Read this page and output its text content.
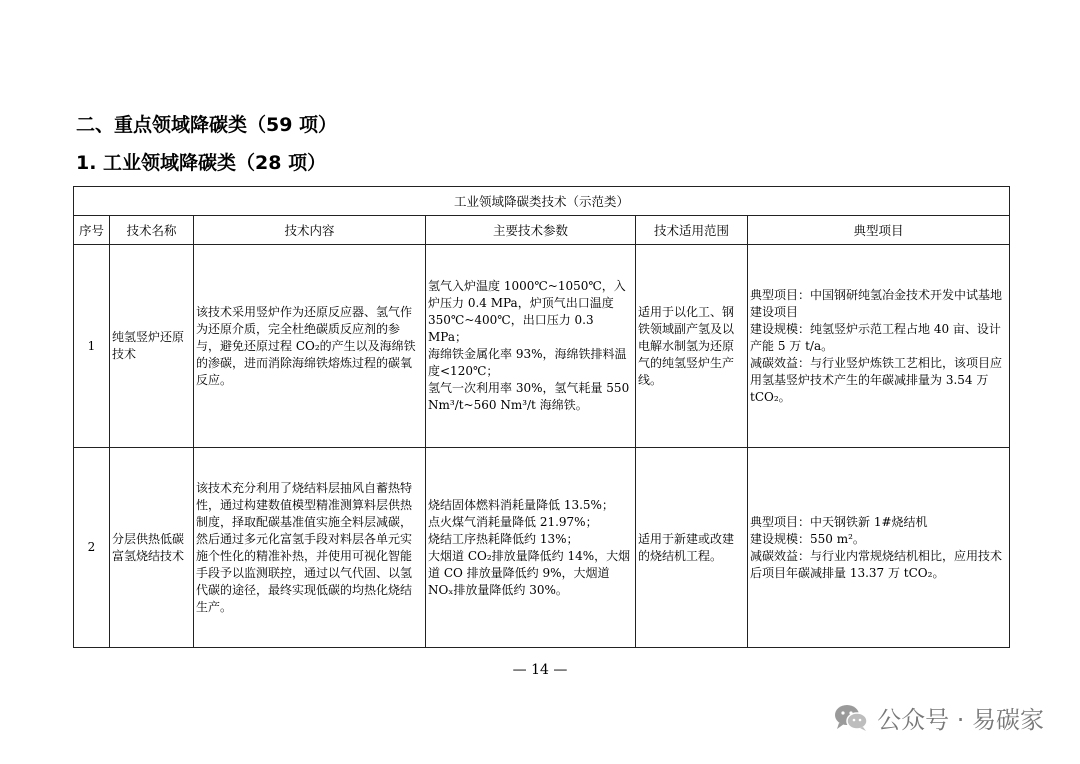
二、重点领域降碳类（59 项）
1. 工业领域降碳类（28 项）
工业领域降碳类技术（示范类）					
序号	技术名称	技术内容	主要技术参数	技术适用范围	典型项目
1	纯氢竖炉还原技术	该技术采用竖炉作为还原反应器、氢气作为还原介质，完全杜绝碳质反应剂的参与，避免还原过程 CO₂的产生以及海绵铁的渗碳，进而消除海绵铁熔炼过程的碳氧反应。	氢气入炉温度 1000℃~1050℃，入炉压力 0.4 MPa，炉顶气出口温度 350℃~400℃，出口压力 0.3 MPa；
海绵铁金属化率 93%，海绵铁排料温度<120℃；
氢气一次利用率 30%，氢气耗量 550 Nm³/t~560 Nm³/t 海绵铁。	适用于以化工、钢铁领域副产氢及以电解水制氢为还原气的纯氢竖炉生产线。	典型项目：中国钢研纯氢冶金技术开发中试基地建设项目
建设规模：纯氢竖炉示范工程占地 40 亩、设计产能 5 万 t/a。
减碳效益：与行业竖炉炼铁工艺相比，该项目应用氢基竖炉技术产生的年碳减排量为 3.54 万 tCO₂。

2	分层供热低碳富氢烧结技术	该技术充分利用了烧结料层抽风自蓄热特性，通过构建数值模型精准测算料层供热制度，择取配碳基准值实施全料层减碳，然后通过多元化富氢手段对料层各单元实施个性化的精准补热，并使用可视化智能手段予以监测联控，通过以气代固、以氢代碳的途径，最终实现低碳的均热化烧结生产。	烧结固体燃料消耗量降低 13.5%；
点火煤气消耗量降低 21.97%；
烧结工序热耗降低约 13%；
大烟道 CO₂排放量降低约 14%，大烟道 CO 排放量降低约 9%，大烟道 NOₓ排放量降低约 30%。	适用于新建或改建的烧结机工程。	典型项目：中天钢铁新 1#烧结机
建设规模：550 m²。
减碳效益：与行业内常规烧结机相比，应用技术后项目年碳减排量 13.37 万 tCO₂。
— 14 —
公众号 · 易碳家
